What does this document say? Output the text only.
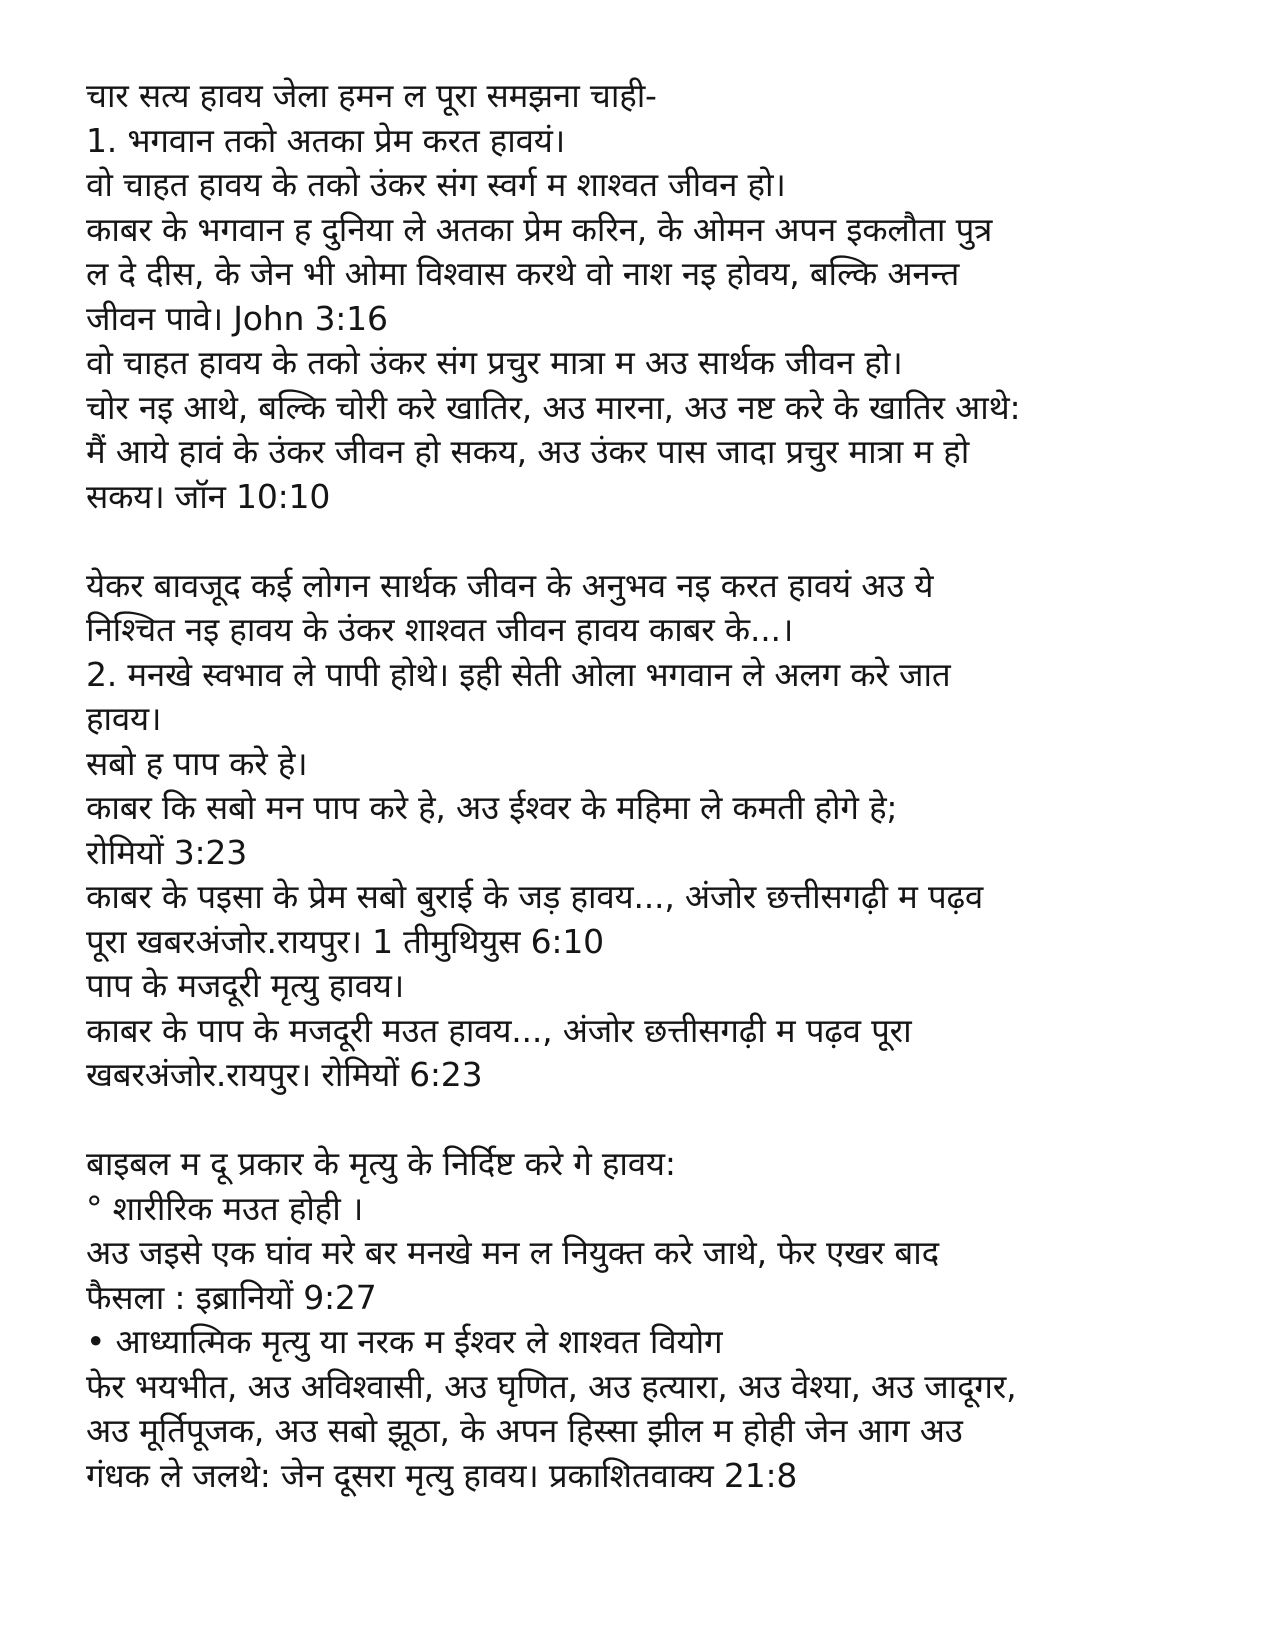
चार सत्य हावय जेला हमन ल पूरा समझना चाही-
1. भगवान तको अतका प्रेम करत हावयं।
वो चाहत हावय के तको उंकर संग स्वर्ग म शाश्वत जीवन हो।
काबर के भगवान ह दुनिया ले अतका प्रेम करिन, के ओमन अपन इकलौता पुत्र
ल दे दीस, के जेन भी ओमा विश्वास करथे वो नाश नइ होवय, बल्कि अनन्त
जीवन पावे। John 3:16
वो चाहत हावय के तको उंकर संग प्रचुर मात्रा म अउ सार्थक जीवन हो।
चोर नइ आथे, बल्कि चोरी करे खातिर, अउ मारना, अउ नष्ट करे के खातिर आथे:
मैं आये हावं के उंकर जीवन हो सकय, अउ उंकर पास जादा प्रचुर मात्रा म हो
सकय। जॉन 10:10
येकर बावजूद कई लोगन सार्थक जीवन के अनुभव नइ करत हावयं अउ ये
निश्चित नइ हावय के उंकर शाश्वत जीवन हावय काबर के...।
2. मनखे स्वभाव ले पापी होथे। इही सेती ओला भगवान ले अलग करे जात
हावय।
सबो ह पाप करे हे।
काबर कि सबो मन पाप करे हे, अउ ईश्वर के महिमा ले कमती होगे हे;
रोमियों 3:23
काबर के पइसा के प्रेम सबो बुराई के जड़ हावय..., अंजोर छत्तीसगढ़ी म पढ़व
पूरा खबरअंजोर.रायपुर। 1 तीमुथियुस 6:10
पाप के मजदूरी मृत्यु हावय।
काबर के पाप के मजदूरी मउत हावय..., अंजोर छत्तीसगढ़ी म पढ़व पूरा
खबरअंजोर.रायपुर। रोमियों 6:23
बाइबल म दू प्रकार के मृत्यु के निर्दिष्ट करे गे हावय:
° शारीरिक मउत होही ।
अउ जइसे एक घांव मरे बर मनखे मन ल नियुक्त करे जाथे, फेर एखर बाद
फैसला : इब्रानियों 9:27
• आध्यात्मिक मृत्यु या नरक म ईश्वर ले शाश्वत वियोग
फेर भयभीत, अउ अविश्वासी, अउ घृणित, अउ हत्यारा, अउ वेश्या, अउ जादूगर,
अउ मूर्तिपूजक, अउ सबो झूठा, के अपन हिस्सा झील म होही जेन आग अउ
गंधक ले जलथे: जेन दूसरा मृत्यु हावय। प्रकाशितवाक्य 21:8
